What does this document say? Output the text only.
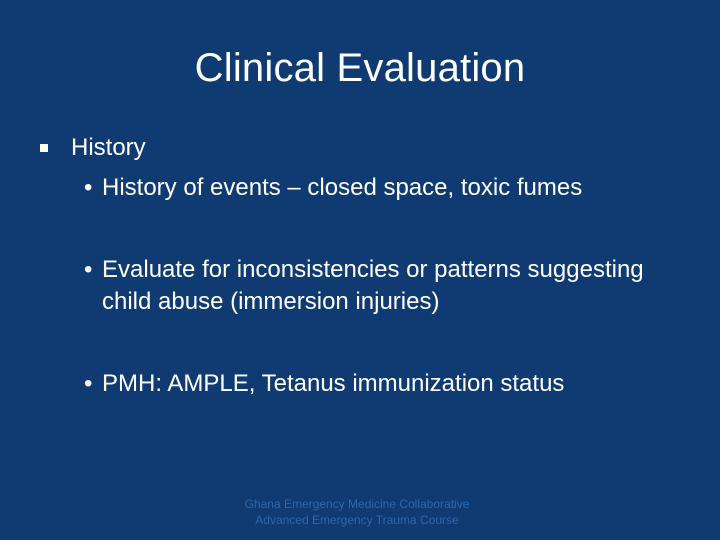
Clinical Evaluation
History
• History of events – closed space, toxic fumes
• Evaluate for inconsistencies or patterns suggesting child abuse (immersion injuries)
• PMH: AMPLE, Tetanus immunization status
Ghana Emergency Medicine Collaborative
Advanced Emergency Trauma Course
